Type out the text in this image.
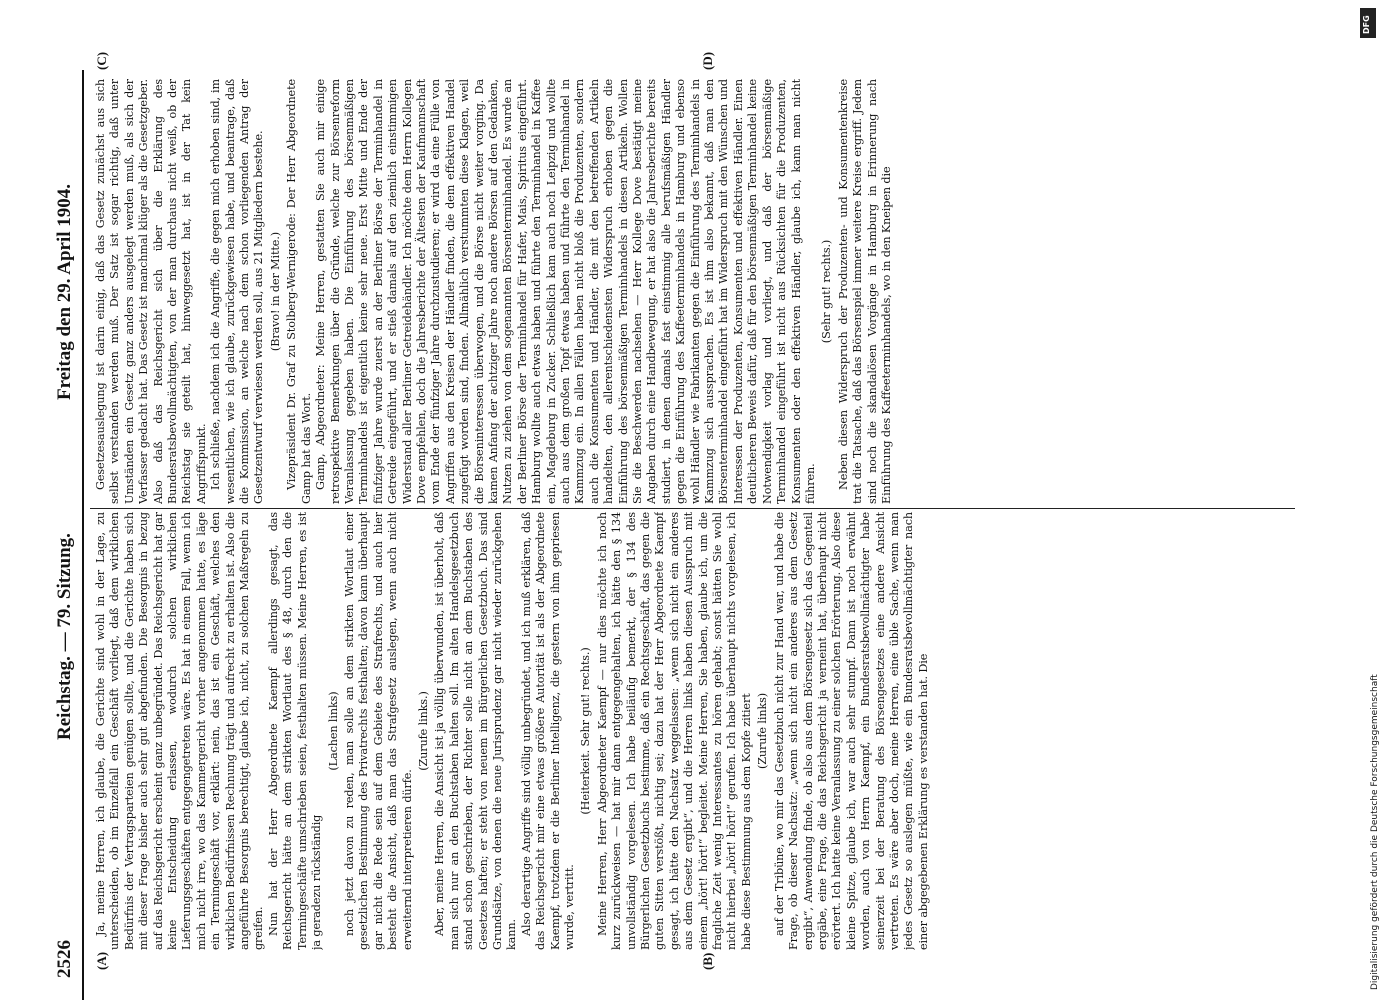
2526
Reichstag. — 79. Sitzung.
Freitag den 29. April 1904.
(A)	(B)
(C)	(D)

Ja, meine Herren, ich glaube, die Gerichte sind wohl in der Lage, zu unterscheiden, ob im Einzelfall ein Geschäft vorliegt, daß dem wirklichen Bedürfnis der Vertragsparteien genügen sollte, und die Gerichte haben sich mit dieser Frage bisher auch sehr gut abgefunden. Die Besorgnis in bezug auf das Reichsgericht erscheint ganz unbegründet. Das Reichsgericht hat gar keine Entscheidung erlassen, wodurch solchen wirklichen Lieferungsgeschäften entgegengetreten wäre. Es hat in einem Fall, wenn ich mich nicht irre, wo das Kammergericht vorher angenommen hatte, es läge ein Termingeschäft vor, erklärt: nein, das ist ein Geschäft, welches den wirklichen Bedürfnissen Rechnung trägt und aufrecht zu erhalten ist. Also die angeführte Besorgnis berechtigt, glaube ich, nicht, zu solchen Maßregeln zu greifen. Nun hat der Herr Abgeordnete Kaempf allerdings gesagt, das Reichsgericht hätte an dem strikten Wortlaut des § 48, durch den die Termingeschäfte umschrieben seien, festhalten müssen. Meine Herren, es ist ja geradezu rückständig

(Lachen links) noch jetzt davon zu reden, man solle an dem strikten Wortlaut einer gesetzlichen Bestimmung des Privatrechts festhalten; davon kann überhaupt gar nicht die Rede sein auf dem Gebiete des Strafrechts, und auch hier besteht die Ansicht, daß man das Strafgesetz auslegen, wenn auch nicht erweiternd interpretieren dürfe.

(Zurufe links.) Aber, meine Herren, die Ansicht ist ja völlig überwunden, ist überholt, daß man sich nur an den Buchstaben halten soll. Im alten Handelsgesetzbuch stand schon geschrieben, der Richter solle nicht an dem Buchstaben des Gesetzes haften; er steht von neuem im Bürgerlichen Gesetzbuch. Das sind Grundsätze, von denen die neue Jurisprudenz gar nicht wieder zurückgehen kann. Also derartige Angriffe sind völlig unbegründet, und ich muß erklären, daß das Reichsgericht mir eine etwas größere Autorität ist als der Abgeordnete Kaempf, trotzdem er die Berliner Intelligenz, die gestern von ihm gepriesen wurde, vertritt.

(Heiterkeit. Sehr gut! rechts.) Meine Herren, Herr Abgeordneter Kaempf — nur dies möchte ich noch kurz zurückweisen — hat mir dann entgegengehalten, ich hätte den § 134 unvollständig vorgelesen. Ich habe beiläufig bemerkt, der § 134 des Bürgerlichen Gesetzbuchs bestimme, daß ein Rechtsgeschäft, das gegen die guten Sitten verstößt, nichtig sei; dazu hat der Herr Abgeordnete Kaempf gesagt, ich hätte den Nachsatz weggelassen: „wenn sich nicht ein anderes aus dem Gesetz ergibt“, und die Herren links haben diesen Ausspruch mit einem „hört! hört!“ begleitet. Meine Herren, Sie haben, glaube ich, um die fragliche Zeit wenig Interessantes zu hören gehabt; sonst hätten Sie wohl nicht hierbei „hört! hört!“ gerufen. Ich habe überhaupt nichts vorgelesen, ich habe diese Bestimmung aus dem Kopfe zitiert (Zurufe links) auf der Tribüne, wo mir das Gesetzbuch nicht zur Hand war, und habe die Frage, ob dieser Nachsatz: „wenn sich nicht ein anderes aus dem Gesetz ergibt“, Anwendung finde, ob also aus dem Börsengesetz sich das Gegenteil ergäbe, eine Frage, die das Reichsgericht ja verneint hat, überhaupt nicht erörtert. Ich hatte keine Veranlassung zu einer solchen Erörterung. Also diese kleine Spitze, glaube ich, war auch sehr stumpf. Dann ist noch erwähnt worden, auch von Herrn Kaempf, ein Bundesratsbevollmächtigter habe seinerzeit bei der Beratung des Börsengesetzes eine andere Ansicht vertreten. Es wäre aber doch, meine Herren, eine üble Sache, wenn man jedes Gesetz so auslegen müßte, wie ein Bundesratsbevollmächtigter nach einer abgegebenen Erklärung es verstanden hat. Die

Gesetzesauslegung ist darin einig, daß das Gesetz zunächst aus sich selbst verstanden werden muß. Der Satz ist sogar richtig, daß unter Umständen ein Gesetz ganz anders ausgelegt werden muß, als sich der Verfasser gedacht hat. Das Gesetz ist manchmal klüger als die Gesetzgeber. Also daß das Reichsgericht sich über die Erklärung des Bundesratsbevollmächtigten, von der man durchaus nicht weiß, ob der Reichstag sie geteilt hat, hinweggesetzt hat, ist in der Tat kein Angriffspunkt. Ich schließe, nachdem ich die Angriffe, die gegen mich erhoben sind, im wesentlichen, wie ich glaube, zurückgewiesen habe, und beantrage, daß die Kommission, an welche nach dem schon vorliegenden Antrag der Gesetzentwurf verwiesen werden soll, aus 21 Mitgliedern bestehe. (Bravo! in der Mitte.) Vizepräsident Dr. Graf zu Stolberg-Wernigerode: Der Herr Abgeordnete Gamp hat das Wort. Gamp, Abgeordneter: Meine Herren, gestatten Sie auch mir einige retrospektive Bemerkungen über die Gründe, welche zur Börsenreform Veranlassung gegeben haben. Die Einführung des börsenmäßigen Terminhandels ist eigentlich keine sehr neue. Erst Mitte und Ende der fünfziger Jahre wurde zuerst an der Berliner Börse der Terminhandel in Getreide eingeführt, und er stieß damals auf den ziemlich einstimmigen Widerstand aller Berliner Getreidehändler. Ich möchte dem Herrn Kollegen Dove empfehlen, doch die Jahresberichte der Ältesten der Kaufmannschaft vom Ende der fünfziger Jahre durchzustudieren; er wird da eine Fülle von Angriffen aus den Kreisen der Händler finden, die dem effektiven Handel zugefügt worden sind, finden. Allmählich verstummten diese Klagen, weil die Börseninteressen überwogen, und die Börse nicht weiter vorging. Da kamen Anfang der achtziger Jahre noch andere Börsen auf den Gedanken, Nutzen zu ziehen von dem sogenannten Börsenterminhandel. Es wurde an der Berliner Börse der Terminhandel für Hafer, Mais, Spiritus eingeführt. Hamburg wollte auch etwas haben und führte den Terminhandel in Kaffee ein, Magdeburg in Zucker. Schließlich kam auch noch Leipzig und wollte auch aus dem großen Topf etwas haben und führte den Terminhandel in Kammzug ein. In allen Fällen haben nicht bloß die Produzenten, sondern auch die Konsumenten und Händler, die mit den betreffenden Artikeln handelten, den allerentschiedensten Widerspruch erhoben gegen die Einführung des börsenmäßigen Terminhandels in diesen Artikeln. Wollen Sie die Beschwerden nachsehen — Herr Kollege Dove bestätigt meine Angaben durch eine Handbewegung, er hat also die Jahresberichte bereits studiert, in denen damals fast einstimmig alle berufsmäßigen Händler gegen die Einführung des Kaffeeterminhandels in Hamburg und ebenso wohl Händler wie Fabrikanten gegen die Einführung des Terminhandels in Kammzug sich aussprachen. Es ist ihm also bekannt, daß man den Börsenterminhandel eingeführt hat im Widerspruch mit den Wünschen und Interessen der Produzenten, Konsumenten und effektiven Händler. Einen deutlicheren Beweis dafür, daß für den börsenmäßigen Terminhandel keine Notwendigkeit vorlag und vorliegt, und daß der börsenmäßige Terminhandel eingeführt ist nicht aus Rücksichten für die Produzenten, Konsumenten oder den effektiven Händler, glaube ich, kann man nicht führen.

(Sehr gut! rechts.) Neben diesen Widerspruch der Produzenten- und Konsumentenkreise trat die Tatsache, daß das Börsenspiel immer weitere Kreise ergriff. Jedem sind noch die skandalösen Vorgänge in Hamburg in Erinnerung nach Einführung des Kaffeeterminhandels, wo in den Kneipen die

DFG
Digitalisierung gefördert durch die Deutsche Forschungsgemeinschaft
